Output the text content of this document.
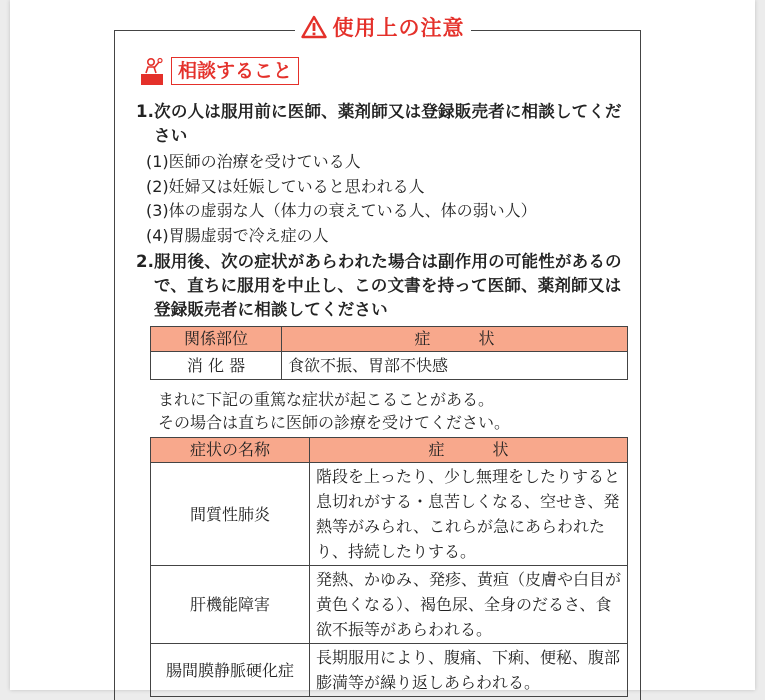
使用上の注意
相談すること

1.次の人は服用前に医師、薬剤師又は登録販売者に相談してください

(1)医師の治療を受けている人
(2)妊婦又は妊娠していると思われる人
(3)体の虚弱な人（体力の衰えている人、体の弱い人）
(4)胃腸虚弱で冷え症の人

2.服用後、次の症状があらわれた場合は副作用の可能性があるので、直ちに服用を中止し、この文書を持って医師、薬剤師又は登録販売者に相談してください

関係部位	症　　　状
消 化 器	食欲不振、胃部不快感

まれに下記の重篤な症状が起こることがある。
その場合は直ちに医師の診療を受けてください。

症状の名称	症　　　状
間質性肺炎	階段を上ったり、少し無理をしたりすると息切れがする・息苦しくなる、空せき、発熱等がみられ、これらが急にあらわれたり、持続したりする。
肝機能障害	発熱、かゆみ、発疹、黄疸（皮膚や白目が黄色くなる）、褐色尿、全身のだるさ、食欲不振等があらわれる。
腸間膜静脈硬化症	長期服用により、腹痛、下痢、便秘、腹部膨満等が繰り返しあらわれる。
